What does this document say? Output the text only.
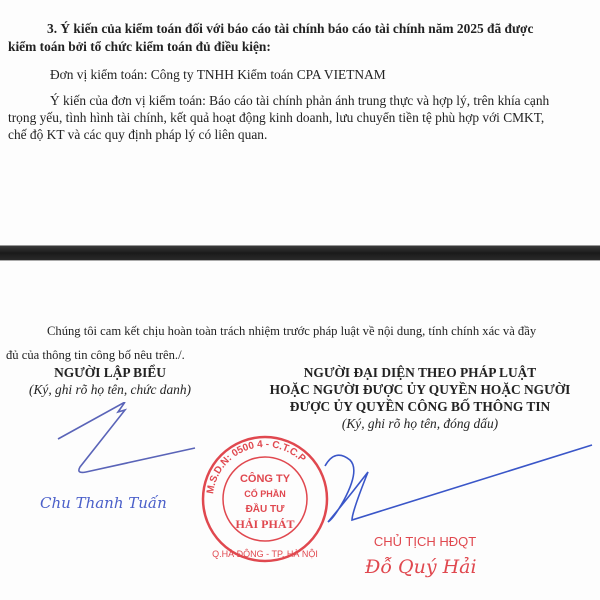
3. Ý kiến của kiểm toán đối với báo cáo tài chính báo cáo tài chính năm 2025 đã được
kiểm toán bởi tổ chức kiểm toán đủ điều kiện:
Đơn vị kiểm toán: Công ty TNHH Kiểm toán CPA VIETNAM
Ý kiến của đơn vị kiểm toán: Báo cáo tài chính phản ánh trung thực và hợp lý, trên khía cạnh
trọng yếu, tình hình tài chính, kết quả hoạt động kinh doanh, lưu chuyển tiền tệ phù hợp với CMKT,
chế độ KT và các quy định pháp lý có liên quan.
Chúng tôi cam kết chịu hoàn toàn trách nhiệm trước pháp luật về nội dung, tính chính xác và đầy
đủ của thông tin công bố nêu trên./.
NGƯỜI LẬP BIỂU
(Ký, ghi rõ họ tên, chức danh)
NGƯỜI ĐẠI DIỆN THEO PHÁP LUẬT
HOẶC NGƯỜI ĐƯỢC ỦY QUYỀN HOẶC NGƯỜI
ĐƯỢC ỦY QUYỀN CÔNG BỐ THÔNG TIN
(Ký, ghi rõ họ tên, đóng dấu)
Chu Thanh Tuấn
M.S.D.N: 0500 4 - C.T.C.P
Q.HÀ ĐÔNG - TP. HÀ NỘI
CÔNG TY
CỔ PHẦN
ĐẦU TƯ
HẢI PHÁT
CHỦ TỊCH HĐQT
Đỗ Quý Hải
